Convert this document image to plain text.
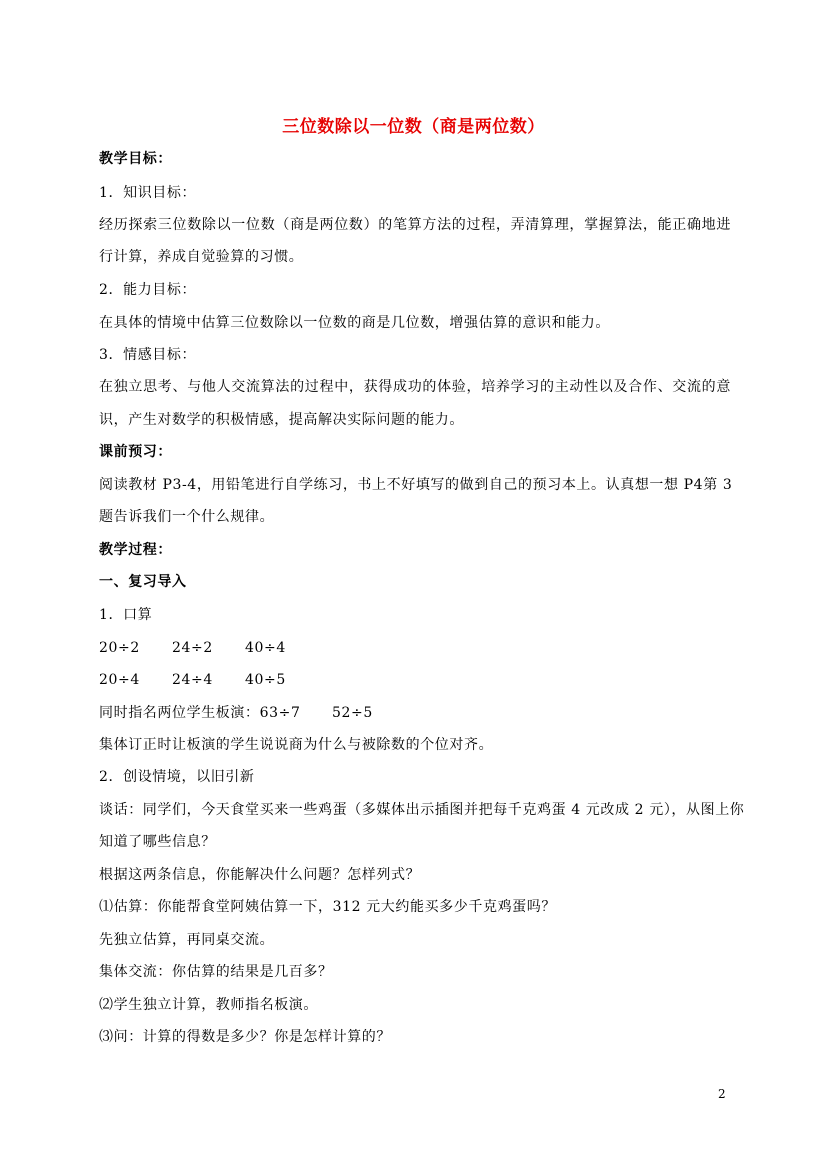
三位数除以一位数（商是两位数）
教学目标：
1．知识目标：
经历探索三位数除以一位数（商是两位数）的笔算方法的过程，弄清算理，掌握算法，能正确地进
行计算，养成自觉验算的习惯。
2．能力目标：
在具体的情境中估算三位数除以一位数的商是几位数，增强估算的意识和能力。
3．情感目标：
在独立思考、与他人交流算法的过程中，获得成功的体验，培养学习的主动性以及合作、交流的意
识，产生对数学的积极情感，提高解决实际问题的能力。
课前预习：
阅读教材 P3-4，用铅笔进行自学练习，书上不好填写的做到自己的预习本上。认真想一想 P4第 3
题告诉我们一个什么规律。
教学过程：
一、复习导入
1．口算
20÷2 24÷2 40÷4
20÷4 24÷4 40÷5
同时指名两位学生板演：63÷7 52÷5
集体订正时让板演的学生说说商为什么与被除数的个位对齐。
2．创设情境，以旧引新
谈话：同学们，今天食堂买来一些鸡蛋（多媒体出示插图并把每千克鸡蛋 4 元改成 2 元），从图上你
知道了哪些信息？
根据这两条信息，你能解决什么问题？怎样列式？
⑴估算：你能帮食堂阿姨估算一下，312 元大约能买多少千克鸡蛋吗？
先独立估算，再同桌交流。
集体交流：你估算的结果是几百多？
⑵学生独立计算，教师指名板演。
⑶问：计算的得数是多少？你是怎样计算的？
2
